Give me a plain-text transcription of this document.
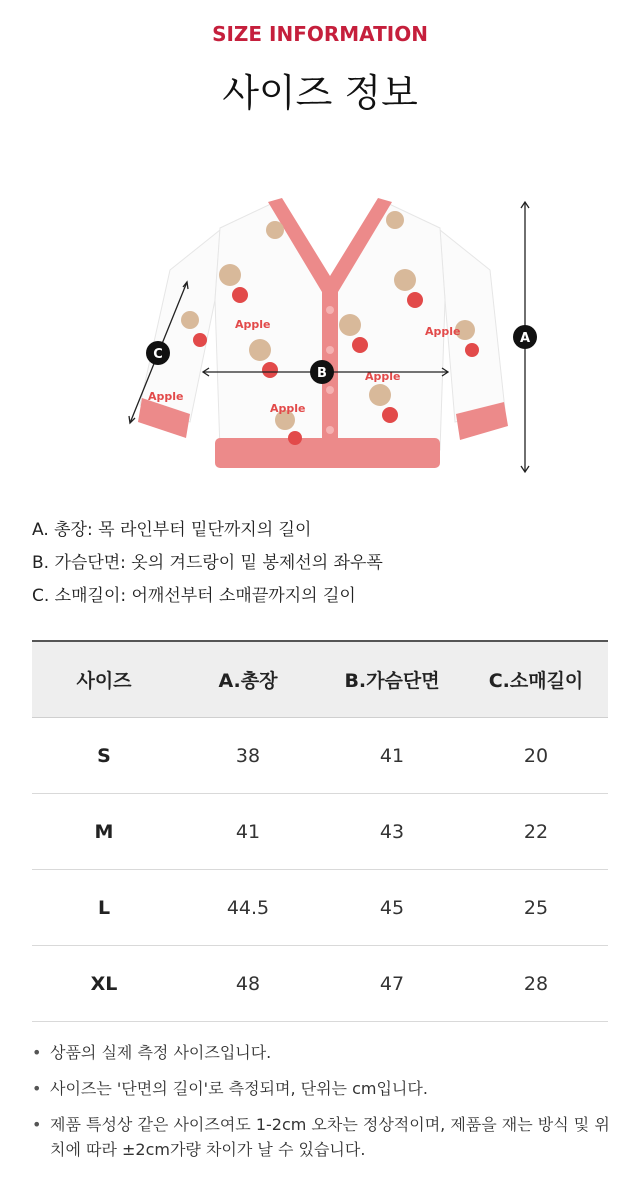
SIZE INFORMATION
사이즈 정보
Apple
Apple
Apple
Apple
Apple	A
B
C
A. 총장: 목 라인부터 밑단까지의 길이
B. 가슴단면: 옷의 겨드랑이 밑 봉제선의 좌우폭
C. 소매길이: 어깨선부터 소매끝까지의 길이
사이즈	A.총장	B.가슴단면	C.소매길이
S	38	41	20
M	41	43	22
L	44.5	45	25
XL	48	47	28
• 상품의 실제 측정 사이즈입니다.
• 사이즈는 '단면의 길이'로 측정되며, 단위는 cm입니다.
• 제품 특성상 같은 사이즈여도 1-2cm 오차는 정상적이며, 제품을 재는 방식 및 위치에 따라 ±2cm가량 차이가 날 수 있습니다.
